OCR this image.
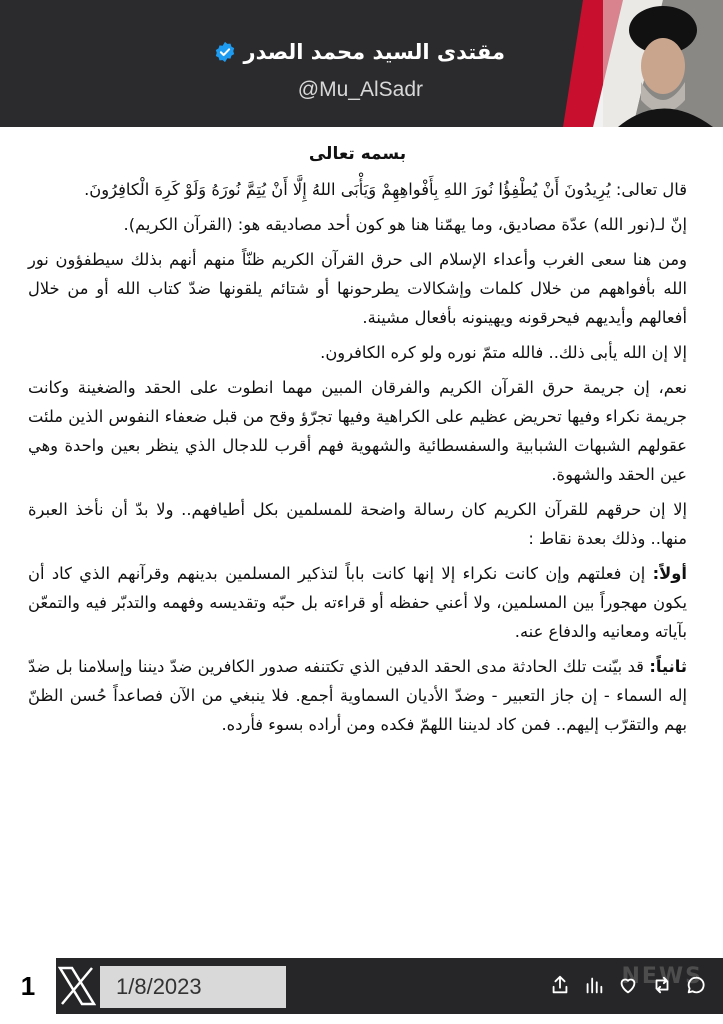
مقتدى السيد محمد الصدر
@Mu_AlSadr
بسمه تعالى

قال تعالى: يُرِيدُونَ أَنْ يُطْفِؤُا نُورَ اللهِ بِأَفْواهِهِمْ وَيَأْبَى اللهُ إِلَّا أَنْ يُتِمَّ نُورَهُ وَلَوْ كَرِهَ الْكافِرُونَ.

إنّ لـ(نور الله) عدّة مصاديق، وما يهمّنا هنا هو كون أحد مصاديقه هو: (القرآن الكريم).

ومن هنا سعى الغرب وأعداء الإسلام الى حرق القرآن الكريم ظنّاً منهم أنهم بذلك سيطفؤون نور الله بأفواههم من خلال كلمات وإشكالات يطرحونها أو شتائم يلقونها ضدّ كتاب الله أو من خلال أفعالهم وأيديهم فيحرقونه ويهينونه بأفعال مشينة.

إلا إن الله يأبى ذلك.. فالله متمّ نوره ولو كره الكافرون.

نعم، إن جريمة حرق القرآن الكريم والفرقان المبين مهما انطوت على الحقد والضغينة وكانت جريمة نكراء وفيها تحريض عظيم على الكراهية وفيها تجرّؤ وقح من قبل ضعفاء النفوس الذين ملئت عقولهم الشبهات الشبابية والسفسطائية والشهوية فهم أقرب للدجال الذي ينظر بعين واحدة وهي عين الحقد والشهوة.

إلا إن حرقهم للقرآن الكريم كان رسالة واضحة للمسلمين بكل أطيافهم.. ولا بدّ أن نأخذ العبرة منها.. وذلك بعدة نقاط :

أولاً: إن فعلتهم وإن كانت نكراء إلا إنها كانت باباً لتذكير المسلمين بدينهم وقرآنهم الذي كاد أن يكون مهجوراً بين المسلمين، ولا أعني حفظه أو قراءته بل حبّه وتقديسه وفهمه والتدبّر فيه والتمعّن بآياته ومعانيه والدفاع عنه.

ثانياً: قد بيّنت تلك الحادثة مدى الحقد الدفين الذي تكتنفه صدور الكافرين ضدّ ديننا وإسلامنا بل ضدّ إله السماء - إن جاز التعبير - وضدّ الأديان السماوية أجمع. فلا ينبغي من الآن فصاعداً حُسن الظنّ بهم والتقرّب إليهم.. فمن كاد لديننا اللهمّ فكده ومن أراده بسوء فأرده.

1	1/8/2023	NEWS
